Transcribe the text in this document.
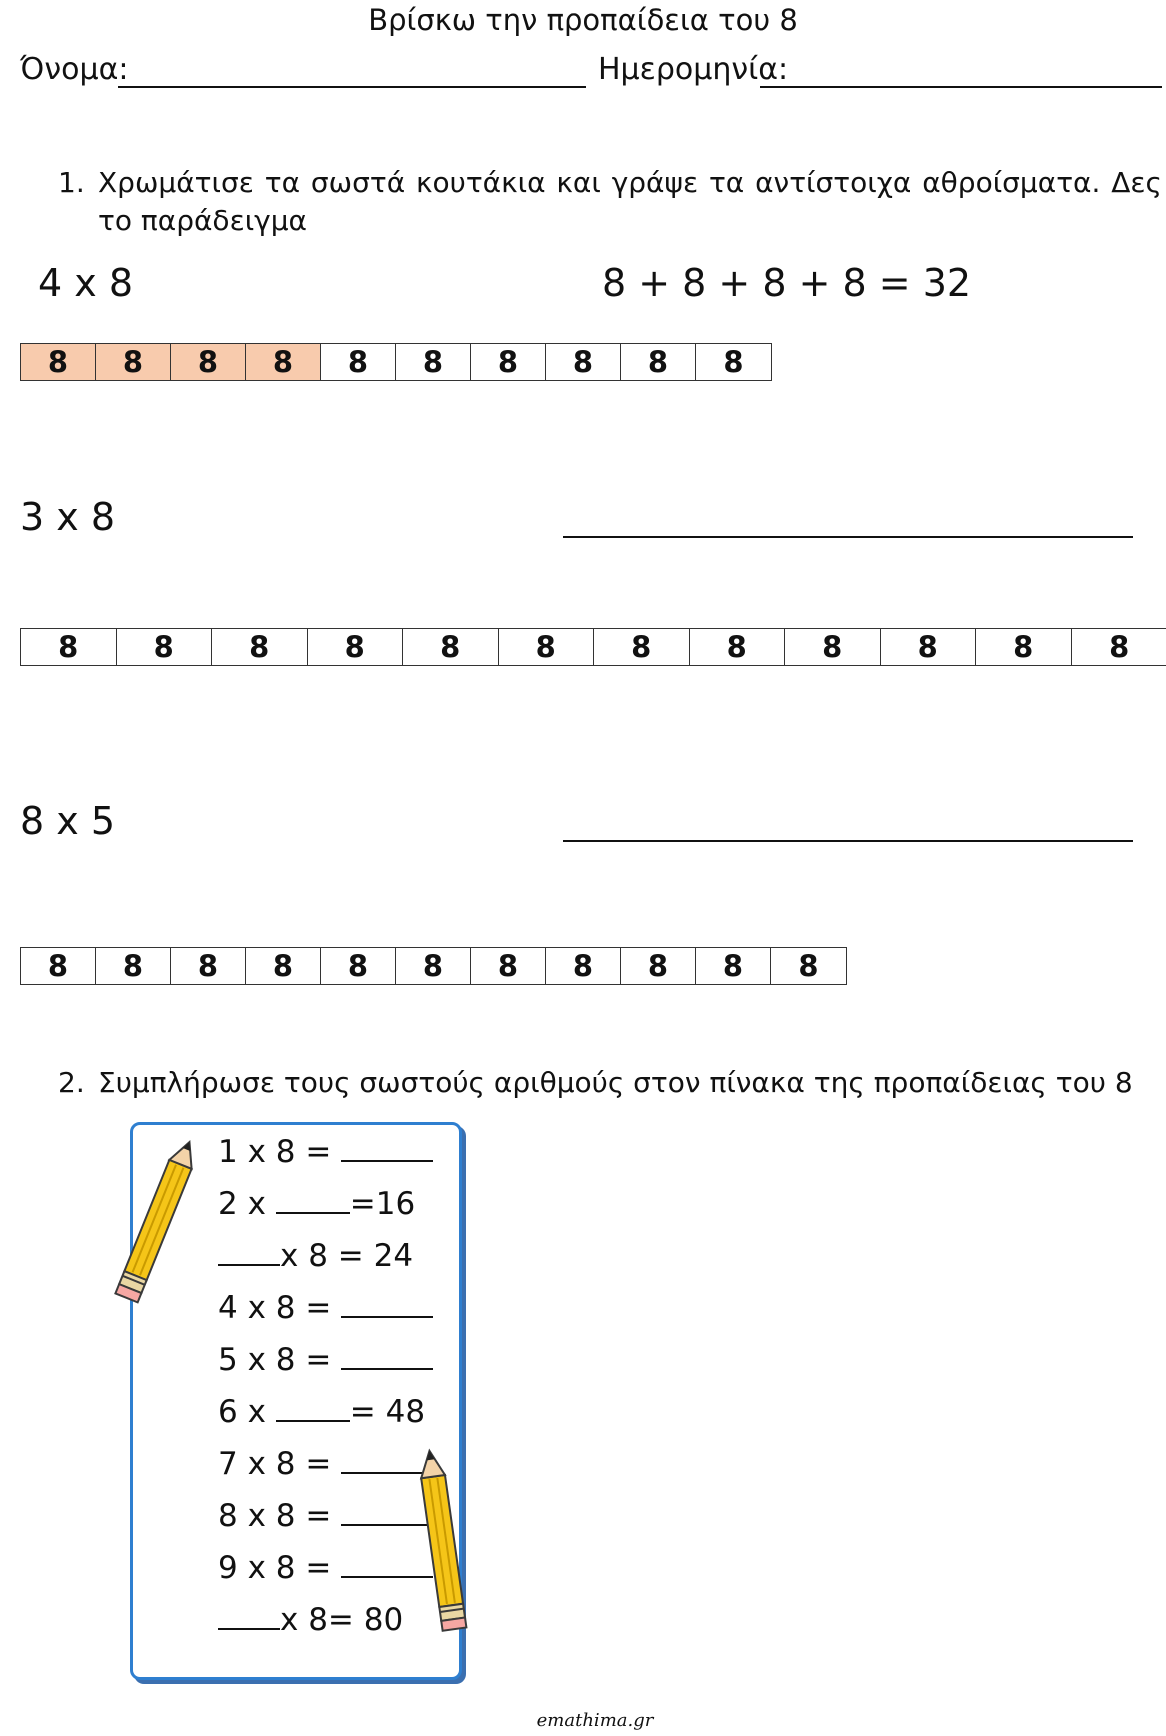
Βρίσκω την προπαίδεια του 8
Όνομα:	Ημερομηνία:
1. Χρωμάτισε τα σωστά κουτάκια και γράψε τα αντίστοιχα αθροίσματα. Δες το παράδειγμα
4 x 8	8 + 8 + 8 + 8 = 32
8	8	8	8	8	8	8	8	8	8
3 x 8
8	8	8	8	8	8	8	8	8	8	8	8
8 x 5
8	8	8	8	8	8	8	8	8	8	8
2. Συμπλήρωσε τους σωστούς αριθμούς στον πίνακα της προπαίδειας του 8
1 x 8 =
2 x =16
x 8 = 24
4 x 8 =
5 x 8 =
6 x = 48
7 x 8 =
8 x 8 =
9 x 8 =
x 8= 80
emathima.gr
